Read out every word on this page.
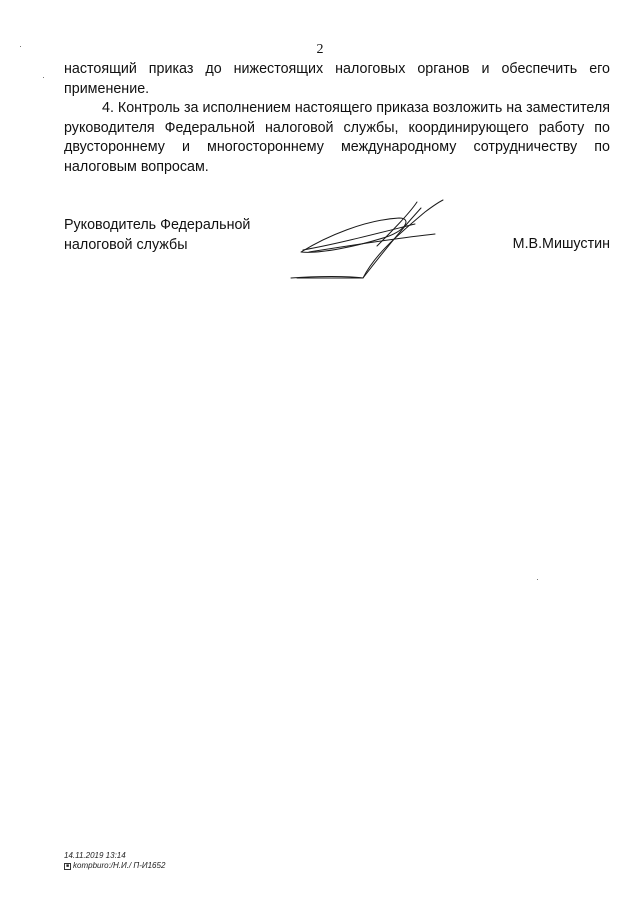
2

настоящий приказ до нижестоящих налоговых органов и обеспечить его применение.

4. Контроль за исполнением настоящего приказа возложить на заместителя руководителя Федеральной налоговой службы, координирующего работу по двустороннему и многостороннему международному сотрудничеству по налоговым вопросам.

Руководитель Федеральной
налоговой службы	М.В.Мишустин
14.11.2019 13:14
■ kompburo:/Н.И./ П-И1652
